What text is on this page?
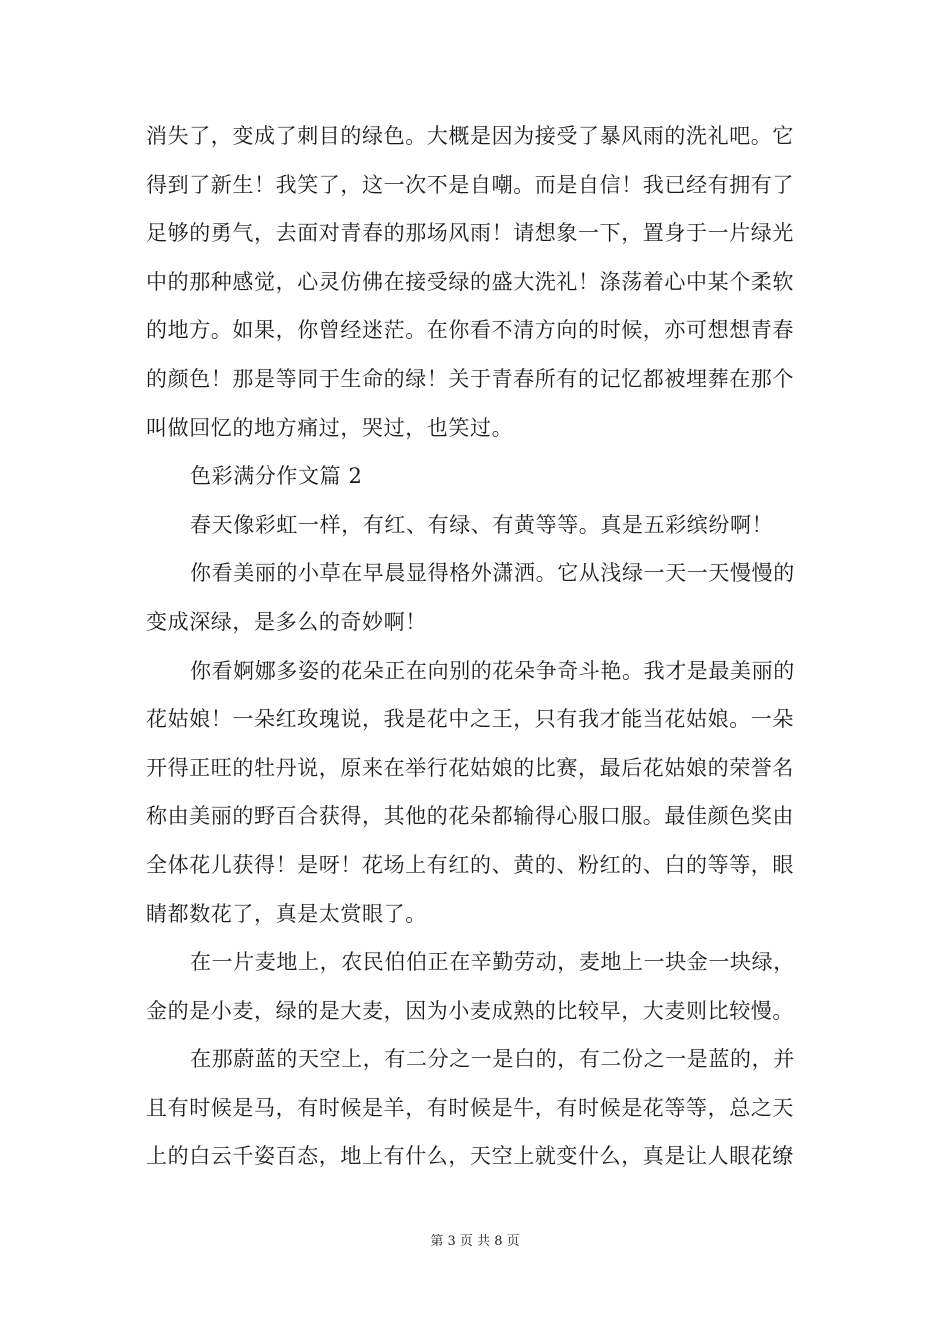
消失了，变成了刺目的绿色。大概是因为接受了暴风雨的洗礼吧。它
得到了新生！我笑了，这一次不是自嘲。而是自信！我已经有拥有了
足够的勇气，去面对青春的那场风雨！请想象一下，置身于一片绿光
中的那种感觉，心灵仿佛在接受绿的盛大洗礼！涤荡着心中某个柔软
的地方。如果，你曾经迷茫。在你看不清方向的时候，亦可想想青春
的颜色！那是等同于生命的绿！关于青春所有的记忆都被埋葬在那个
叫做回忆的地方痛过，哭过，也笑过。
色彩满分作文篇 2
春天像彩虹一样，有红、有绿、有黄等等。真是五彩缤纷啊！
你看美丽的小草在早晨显得格外潇洒。它从浅绿一天一天慢慢的
变成深绿，是多么的奇妙啊！
你看婀娜多姿的花朵正在向别的花朵争奇斗艳。我才是最美丽的
花姑娘！一朵红玫瑰说，我是花中之王，只有我才能当花姑娘。一朵
开得正旺的牡丹说，原来在举行花姑娘的比赛，最后花姑娘的荣誉名
称由美丽的野百合获得，其他的花朵都输得心服口服。最佳颜色奖由
全体花儿获得！是呀！花场上有红的、黄的、粉红的、白的等等，眼
睛都数花了，真是太赏眼了。
在一片麦地上，农民伯伯正在辛勤劳动，麦地上一块金一块绿，
金的是小麦，绿的是大麦，因为小麦成熟的比较早，大麦则比较慢。
在那蔚蓝的天空上，有二分之一是白的，有二份之一是蓝的，并
且有时候是马，有时候是羊，有时候是牛，有时候是花等等，总之天
上的白云千姿百态，地上有什么，天空上就变什么，真是让人眼花缭
第 3 页 共 8 页
